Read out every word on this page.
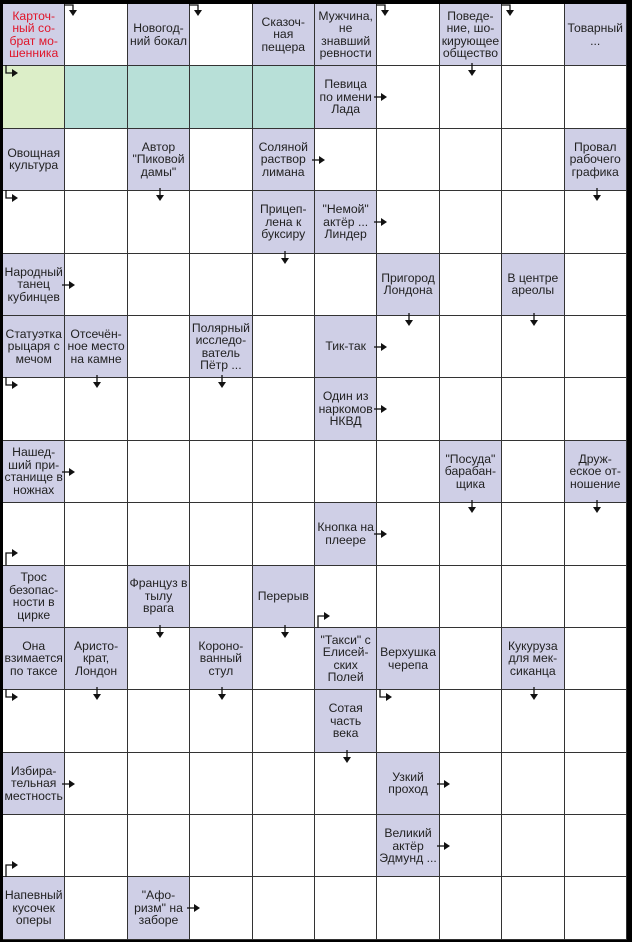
Карточ-
ный со-
брат мо-
шенника
Новогод-
ний бокал
Сказоч-
ная
пещера
Мужчина,
не
знавший
ревности
Поведе-
ние, шо-
кирующее
общество
Товарный
...
Певица
по имени
Лада
Овощная
культура
Автор
"Пиковой
дамы"
Соляной
раствор
лимана
Провал
рабочего
графика
Прицеп-
лена к
буксиру
"Немой"
актёр ...
Линдер
Народный
танец
кубинцев
Пригород
Лондона
В центре
ареолы
Статуэтка
рыцаря с
мечом
Отсечён-
ное место
на камне
Полярный
исследо-
ватель
Пётр ...
Тик-так
Один из
наркомов
НКВД
Нашед-
ший при-
станище в
ножнах
"Посуда"
барабан-
щика
Друж-
еское от-
ношение
Кнопка на
плеере
Трос
безопас-
ности в
цирке
Француз в
тылу
врага
Перерыв
Она
взимается
по таксе
Аристо-
крат,
Лондон
Короно-
ванный
стул
"Такси" с
Елисей-
ских
Полей
Верхушка
черепа
Кукуруза
для мек-
сиканца
Сотая
часть
века
Избира-
тельная
местность
Узкий
проход
Великий
актёр
Эдмунд ...
Напевный
кусочек
оперы
"Афо-
ризм" на
заборе
